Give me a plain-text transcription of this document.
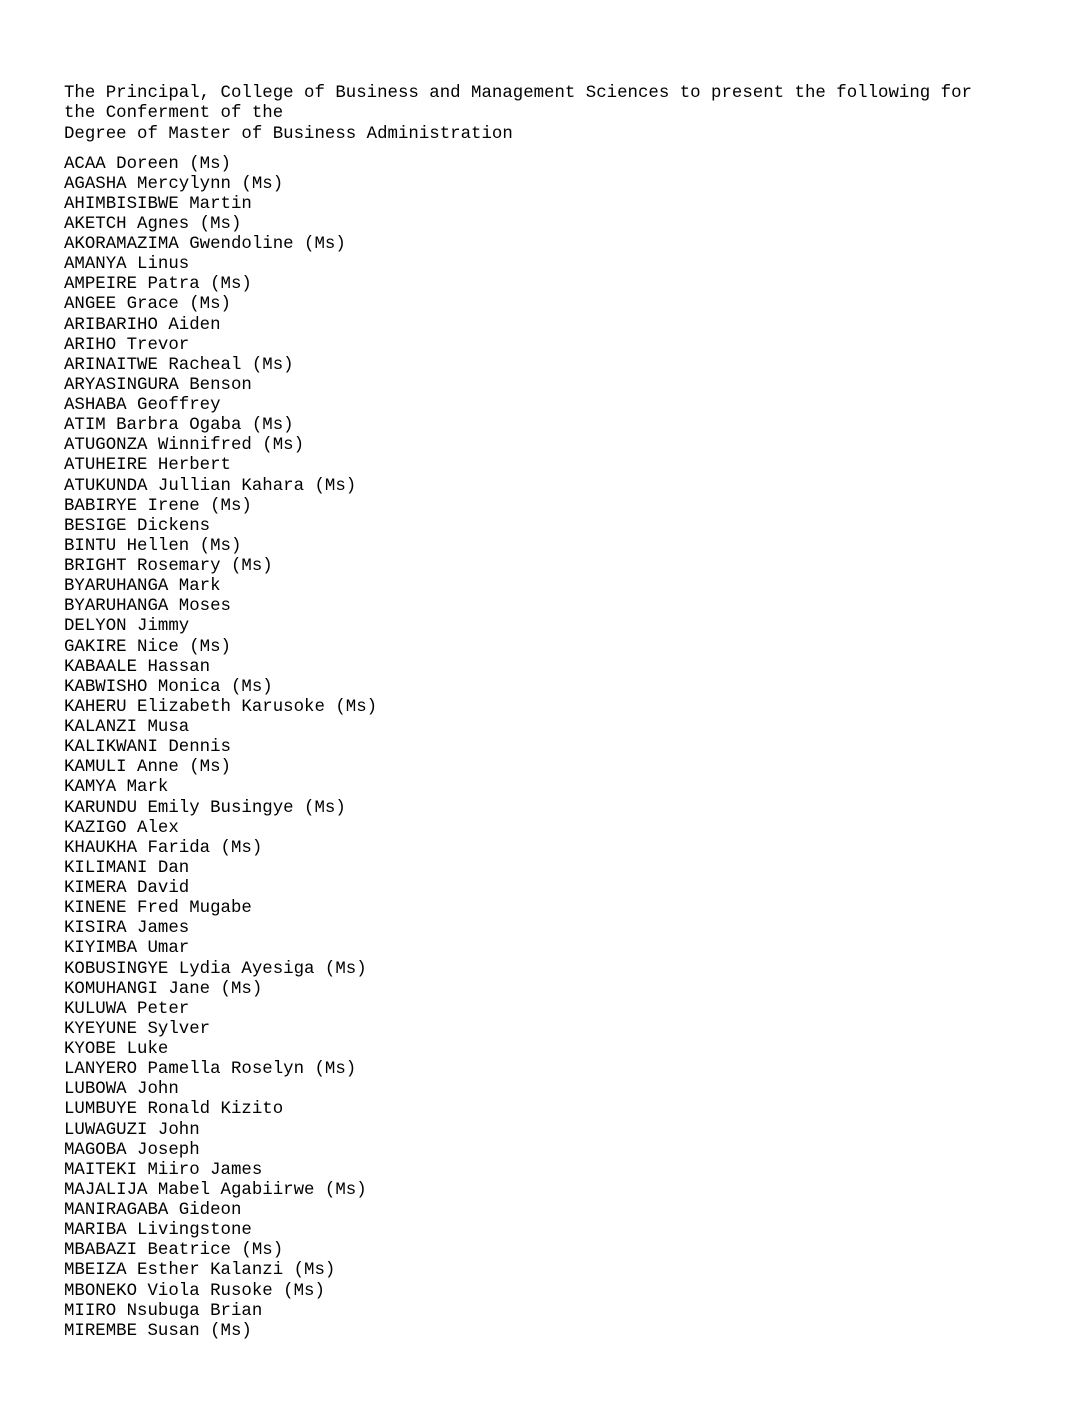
The Principal, College of Business and Management Sciences to present the following for
the Conferment of the
Degree of Master of Business Administration
ACAA Doreen (Ms)
AGASHA Mercylynn (Ms)
AHIMBISIBWE Martin
AKETCH Agnes (Ms)
AKORAMAZIMA Gwendoline (Ms)
AMANYA Linus
AMPEIRE Patra (Ms)
ANGEE Grace (Ms)
ARIBARIHO Aiden
ARIHO Trevor
ARINAITWE Racheal (Ms)
ARYASINGURA Benson
ASHABA Geoffrey
ATIM Barbra Ogaba (Ms)
ATUGONZA Winnifred (Ms)
ATUHEIRE Herbert
ATUKUNDA Jullian Kahara (Ms)
BABIRYE Irene (Ms)
BESIGE Dickens
BINTU Hellen (Ms)
BRIGHT Rosemary (Ms)
BYARUHANGA Mark
BYARUHANGA Moses
DELYON Jimmy
GAKIRE Nice (Ms)
KABAALE Hassan
KABWISHO Monica (Ms)
KAHERU Elizabeth Karusoke (Ms)
KALANZI Musa
KALIKWANI Dennis
KAMULI Anne (Ms)
KAMYA Mark
KARUNDU Emily Busingye (Ms)
KAZIGO Alex
KHAUKHA Farida (Ms)
KILIMANI Dan
KIMERA David
KINENE Fred Mugabe
KISIRA James
KIYIMBA Umar
KOBUSINGYE Lydia Ayesiga (Ms)
KOMUHANGI Jane (Ms)
KULUWA Peter
KYEYUNE Sylver
KYOBE Luke
LANYERO Pamella Roselyn (Ms)
LUBOWA John
LUMBUYE Ronald Kizito
LUWAGUZI John
MAGOBA Joseph
MAITEKI Miiro James
MAJALIJA Mabel Agabiirwe (Ms)
MANIRAGABA Gideon
MARIBA Livingstone
MBABAZI Beatrice (Ms)
MBEIZA Esther Kalanzi (Ms)
MBONEKO Viola Rusoke (Ms)
MIIRO Nsubuga Brian
MIREMBE Susan (Ms)
